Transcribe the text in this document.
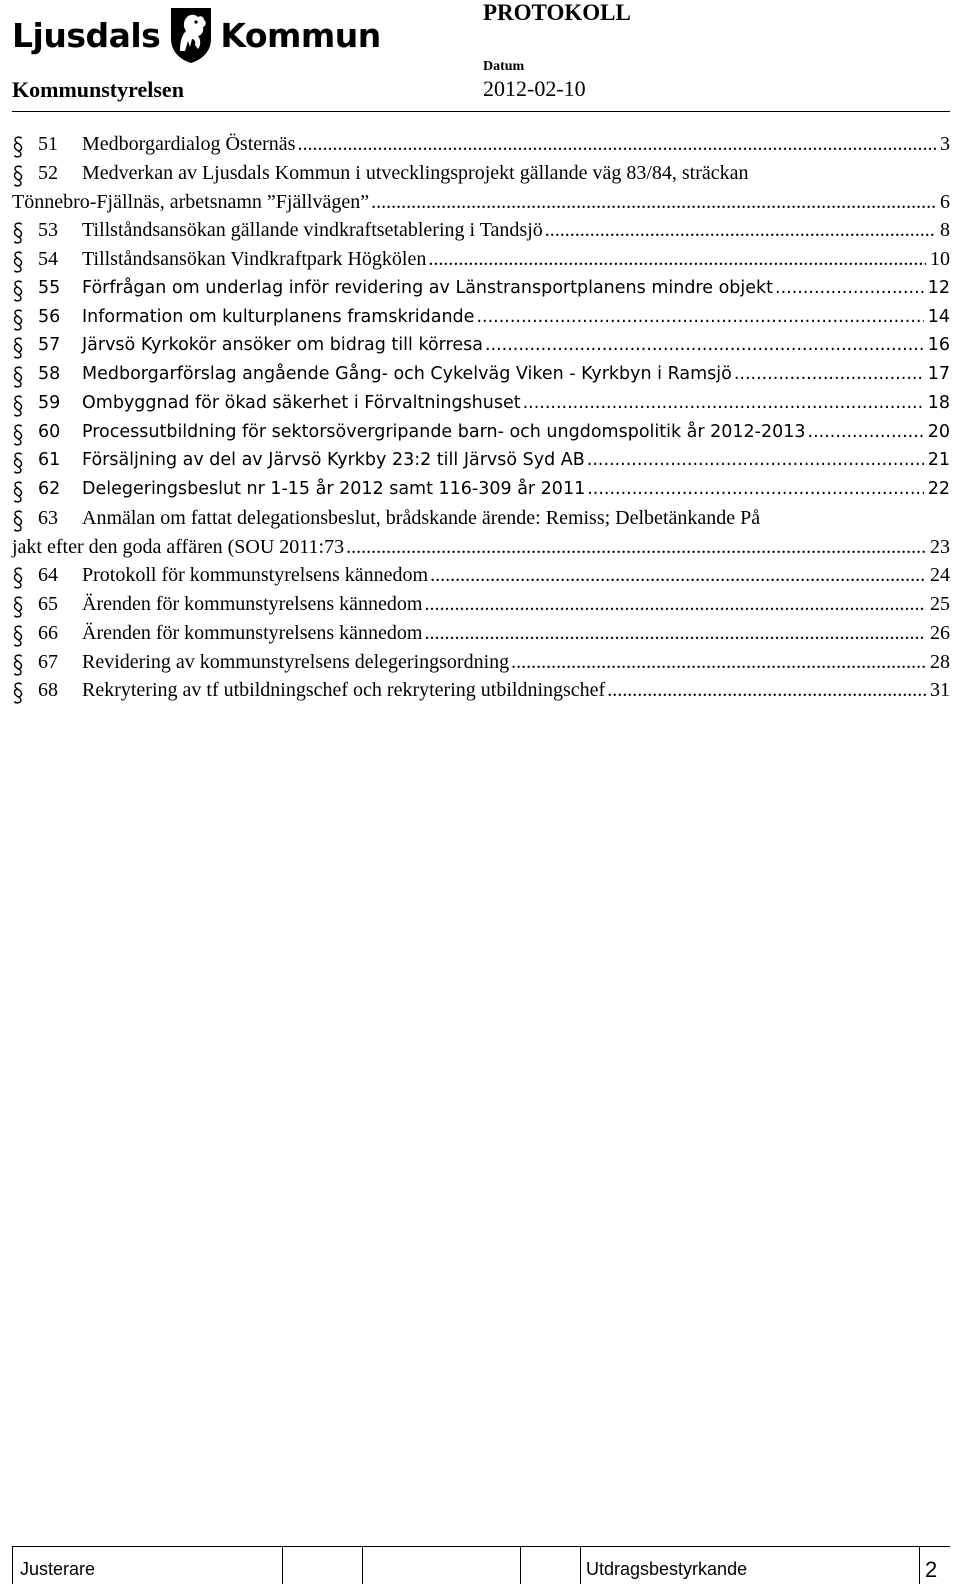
Ljusdals Kommun
PROTOKOLL
Datum
Kommunstyrelsen	2012-02-10
51 Medborgardialog Östernäs .....	3
52 Medverkan av Ljusdals Kommun i utvecklingsprojekt gällande väg 83/84, sträckan
Tönnebro-Fjällnäs, arbetsnamn ”Fjällvägen” .....	6
53 Tillståndsansökan gällande vindkraftsetablering i Tandsjö .....	8
54 Tillståndsansökan Vindkraftpark Högkölen .....	10
55 Förfrågan om underlag inför revidering av Länstransportplanens mindre objekt .....	12
56 Information om kulturplanens framskridande .....	14
57 Järvsö Kyrkokör ansöker om bidrag till körresa .....	16
58 Medborgarförslag angående Gång- och Cykelväg Viken - Kyrkbyn i Ramsjö .....	17
59 Ombyggnad för ökad säkerhet i Förvaltningshuset .....	18
60 Processutbildning för sektorsövergripande barn- och ungdomspolitik år 2012-2013 .....	20
61 Försäljning av del av Järvsö Kyrkby 23:2 till Järvsö Syd AB .....	21
62 Delegeringsbeslut nr 1-15 år 2012 samt 116-309 år 2011 .....	22
63 Anmälan om fattat delegationsbeslut, brådskande ärende: Remiss; Delbetänkande På
jakt efter den goda affären (SOU 2011:73 .....	23
64 Protokoll för kommunstyrelsens kännedom .....	24
65 Ärenden för kommunstyrelsens kännedom .....	25
66 Ärenden för kommunstyrelsens kännedom .....	26
67 Revidering av kommunstyrelsens delegeringsordning .....	28
68 Rekrytering av tf utbildningschef och rekrytering utbildningschef .....	31
Justerare	Utdragsbestyrkande	2
